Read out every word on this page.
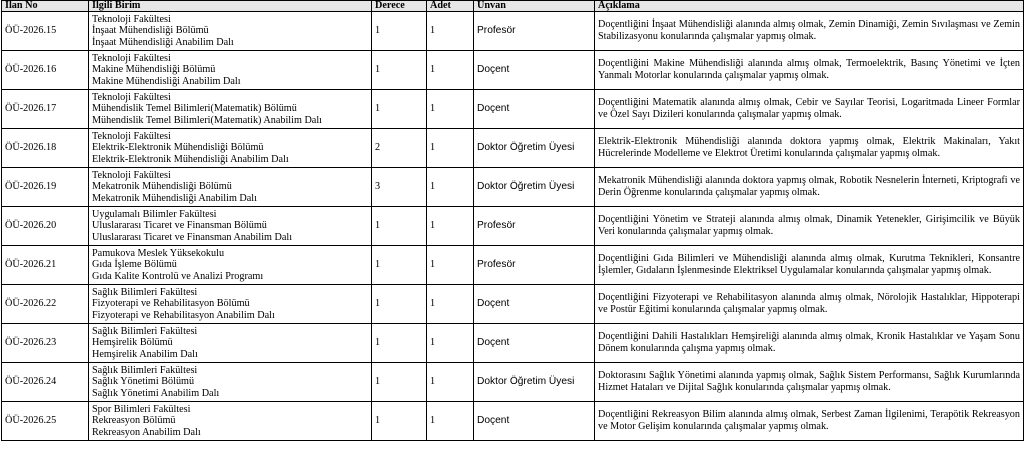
İlan No	İlgili Birim	Derece	Adet	Ünvan	Açıklama
ÖÜ-2026.15	Teknoloji Fakültesi
İnşaat Mühendisliği Bölümü
İnşaat Mühendisliği Anabilim Dalı	1	1	Profesör	Doçentliğini İnşaat Mühendisliği alanında almış olmak, Zemin Dinamiği, Zemin Sıvılaşması ve Zemin Stabilizasyonu konularında çalışmalar yapmış olmak.
ÖÜ-2026.16	Teknoloji Fakültesi
Makine Mühendisliği Bölümü
Makine Mühendisliği Anabilim Dalı	1	1	Doçent	Doçentliğini Makine Mühendisliği alanında almış olmak, Termoelektrik, Basınç Yönetimi ve İçten Yanmalı Motorlar konularında çalışmalar yapmış olmak.
ÖÜ-2026.17	Teknoloji Fakültesi
Mühendislik Temel Bilimleri(Matematik) Bölümü
Mühendislik Temel Bilimleri(Matematik) Anabilim Dalı	1	1	Doçent	Doçentliğini Matematik alanında almış olmak, Cebir ve Sayılar Teorisi, Logaritmada Lineer Formlar ve Özel Sayı Dizileri konularında çalışmalar yapmış olmak.
ÖÜ-2026.18	Teknoloji Fakültesi
Elektrik-Elektronik Mühendisliği Bölümü
Elektrik-Elektronik Mühendisliği Anabilim Dalı	2	1	Doktor Öğretim Üyesi	Elektrik-Elektronik Mühendisliği alanında doktora yapmış olmak, Elektrik Makinaları, Yakıt Hücrelerinde Modelleme ve Elektrot Üretimi konularında çalışmalar yapmış olmak.
ÖÜ-2026.19	Teknoloji Fakültesi
Mekatronik Mühendisliği Bölümü
Mekatronik Mühendisliği Anabilim Dalı	3	1	Doktor Öğretim Üyesi	Mekatronik Mühendisliği alanında doktora yapmış olmak, Robotik Nesnelerin İnterneti, Kriptografi ve Derin Öğrenme konularında çalışmalar yapmış olmak.
ÖÜ-2026.20	Uygulamalı Bilimler Fakültesi
Uluslararası Ticaret ve Finansman Bölümü
Uluslararası Ticaret ve Finansman Anabilim Dalı	1	1	Profesör	Doçentliğini Yönetim ve Strateji alanında almış olmak, Dinamik Yetenekler, Girişimcilik ve Büyük Veri konularında çalışmalar yapmış olmak.
ÖÜ-2026.21	Pamukova Meslek Yüksekokulu
Gıda İşleme Bölümü
Gıda Kalite Kontrolü ve Analizi Programı	1	1	Profesör	Doçentliğini Gıda Bilimleri ve Mühendisliği alanında almış olmak, Kurutma Teknikleri, Konsantre İşlemler, Gıdaların İşlenmesinde Elektriksel Uygulamalar konularında çalışmalar yapmış olmak.
ÖÜ-2026.22	Sağlık Bilimleri Fakültesi
Fizyoterapi ve Rehabilitasyon Bölümü
Fizyoterapi ve Rehabilitasyon Anabilim Dalı	1	1	Doçent	Doçentliğini Fizyoterapi ve Rehabilitasyon alanında almış olmak, Nörolojik Hastalıklar, Hippoterapi ve Postür Eğitimi konularında çalışmalar yapmış olmak.
ÖÜ-2026.23	Sağlık Bilimleri Fakültesi
Hemşirelik Bölümü
Hemşirelik Anabilim Dalı	1	1	Doçent	Doçentliğini Dahili Hastalıkları Hemşireliği alanında almış olmak, Kronik Hastalıklar ve Yaşam Sonu Dönem konularında çalışma yapmış olmak.
ÖÜ-2026.24	Sağlık Bilimleri Fakültesi
Sağlık Yönetimi Bölümü
Sağlık Yönetimi Anabilim Dalı	1	1	Doktor Öğretim Üyesi	Doktorasını Sağlık Yönetimi alanında yapmış olmak, Sağlık Sistem Performansı, Sağlık Kurumlarında Hizmet Hataları ve Dijital Sağlık konularında çalışmalar yapmış olmak.
ÖÜ-2026.25	Spor Bilimleri Fakültesi
Rekreasyon Bölümü
Rekreasyon Anabilim Dalı	1	1	Doçent	Doçentliğini Rekreasyon Bilim alanında almış olmak, Serbest Zaman İlgilenimi, Terapötik Rekreasyon ve Motor Gelişim konularında çalışmalar yapmış olmak.
